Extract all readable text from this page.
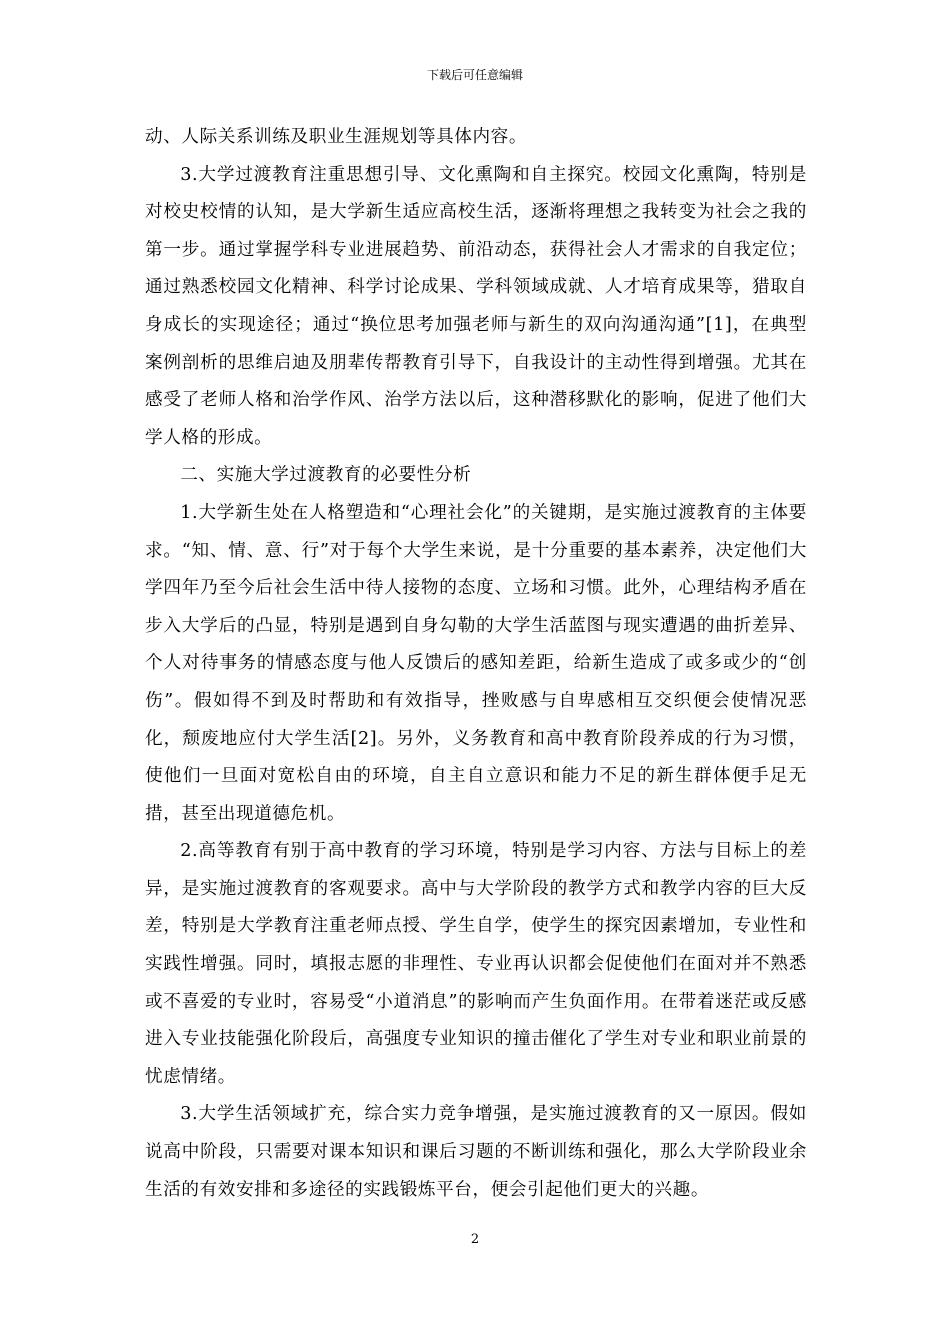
下载后可任意编辑

动、人际关系训练及职业生涯规划等具体内容。

3.大学过渡教育注重思想引导、文化熏陶和自主探究。校园文化熏陶，特别是对校史校情的认知，是大学新生适应高校生活，逐渐将理想之我转变为社会之我的第一步。通过掌握学科专业进展趋势、前沿动态，获得社会人才需求的自我定位；通过熟悉校园文化精神、科学讨论成果、学科领域成就、人才培育成果等，猎取自身成长的实现途径；通过“换位思考加强老师与新生的双向沟通沟通”[1]，在典型案例剖析的思维启迪及朋辈传帮教育引导下，自我设计的主动性得到增强。尤其在感受了老师人格和治学作风、治学方法以后，这种潜移默化的影响，促进了他们大学人格的形成。

二、实施大学过渡教育的必要性分析

1.大学新生处在人格塑造和“心理社会化”的关键期，是实施过渡教育的主体要求。“知、情、意、行”对于每个大学生来说，是十分重要的基本素养，决定他们大学四年乃至今后社会生活中待人接物的态度、立场和习惯。此外，心理结构矛盾在步入大学后的凸显，特别是遇到自身勾勒的大学生活蓝图与现实遭遇的曲折差异、个人对待事务的情感态度与他人反馈后的感知差距，给新生造成了或多或少的“创伤”。假如得不到及时帮助和有效指导，挫败感与自卑感相互交织便会使情况恶化，颓废地应付大学生活[2]。另外，义务教育和高中教育阶段养成的行为习惯，使他们一旦面对宽松自由的环境，自主自立意识和能力不足的新生群体便手足无措，甚至出现道德危机。

2.高等教育有别于高中教育的学习环境，特别是学习内容、方法与目标上的差异，是实施过渡教育的客观要求。高中与大学阶段的教学方式和教学内容的巨大反差，特别是大学教育注重老师点授、学生自学，使学生的探究因素增加，专业性和实践性增强。同时，填报志愿的非理性、专业再认识都会促使他们在面对并不熟悉或不喜爱的专业时，容易受“小道消息”的影响而产生负面作用。在带着迷茫或反感进入专业技能强化阶段后，高强度专业知识的撞击催化了学生对专业和职业前景的忧虑情绪。

3.大学生活领域扩充，综合实力竞争增强，是实施过渡教育的又一原因。假如说高中阶段，只需要对课本知识和课后习题的不断训练和强化，那么大学阶段业余生活的有效安排和多途径的实践锻炼平台，便会引起他们更大的兴趣。

2
